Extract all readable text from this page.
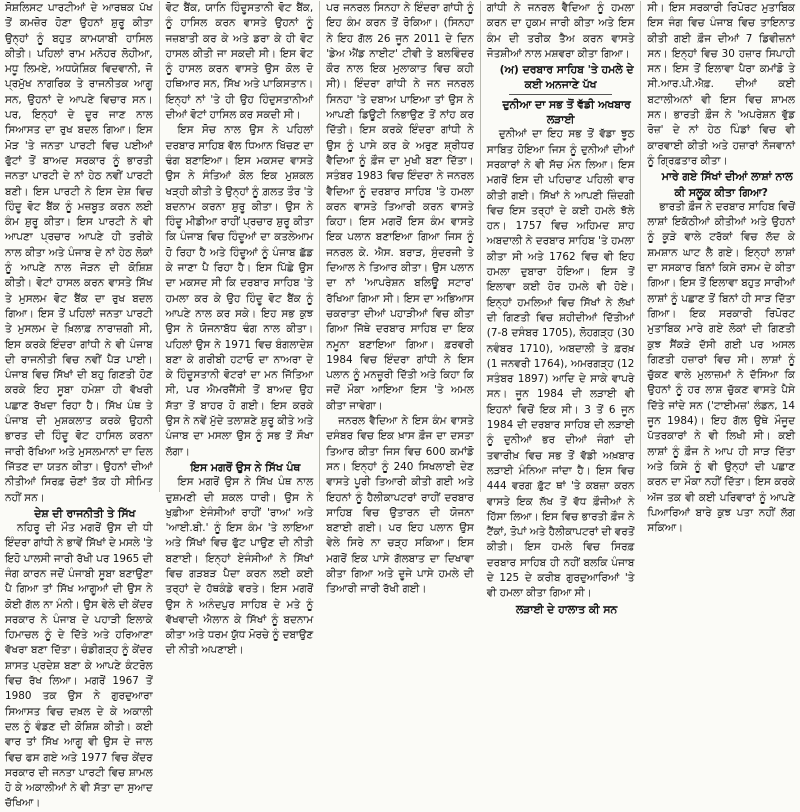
ਸੋਸ਼ਲਿਸਟ ਪਾਰਟੀਆਂ ਦੇ ਆਰਥਕ ਪੱਖ ਤੋਂ ਕਮਜ਼ੋਰ ਹੋਣਾ ਉਹਨਾਂ ਸ਼ੁਰੂ ਕੀਤਾ ਉਨ੍ਹਾਂ ਨੂੰ ਬਹੁਤ ਕਾਮਯਾਬੀ ਹਾਸਿਲ ਕੀਤੀ। ਪਹਿਲਾਂ ਰਾਮ ਮਨੋਹਰ ਲੋਹੀਆ, ਮਧੂ ਲਿਮਏ, ਅਧਯੇਸ਼ਿਕ ਵਿਦਵਾਨੀ, ਜੋ ਪ੍ਰਮੁੱਖ ਨਾਗਰਿਕ ਤੇ ਰਾਜਨੀਤਕ ਆਗੂ ਸਨ, ਉਹਨਾਂ ਦੇ ਆਪਣੇ ਵਿਚਾਰ ਸਨ। ਪਰ, ਇਨ੍ਹਾਂ ਦੇ ਦੂਰ ਜਾਣ ਨਾਲ ਸਿਆਸਤ ਦਾ ਰੁਖ ਬਦਲ ਗਿਆ। ਇਸ ਮੋੜ 'ਤੇ ਜਨਤਾ ਪਾਰਟੀ ਵਿਚ ਪਈਆਂ ਫੁੱਟਾਂ ਤੋਂ ਬਾਅਦ ਸਰਕਾਰ ਨੂੰ ਭਾਰਤੀ ਜਨਤਾ ਪਾਰਟੀ ਦੇ ਨਾਂ ਹੇਠ ਨਵੀਂ ਪਾਰਟੀ ਬਣੀ। ਇਸ ਪਾਰਟੀ ਨੇ ਇਸ ਦੇਸ਼ ਵਿਚ ਹਿੰਦੂ ਵੋਟ ਬੈਂਕ ਨੂੰ ਮਜ਼ਬੂਤ ਕਰਨ ਲਈ ਕੰਮ ਸ਼ੁਰੂ ਕੀਤਾ। ਇਸ ਪਾਰਟੀ ਨੇ ਵੀ ਆਪਣਾ ਪ੍ਰਚਾਰ ਆਪਣੇ ਹੀ ਤਰੀਕੇ ਨਾਲ ਕੀਤਾ ਅਤੇ ਪੰਜਾਬ ਦੇ ਨਾਂ ਹੇਠ ਲੋਕਾਂ ਨੂੰ ਆਪਣੇ ਨਾਲ ਜੋੜਨ ਦੀ ਕੋਸ਼ਿਸ਼ ਕੀਤੀ। ਵੋਟਾਂ ਹਾਸਲ ਕਰਨ ਵਾਸਤੇ ਸਿੱਖ ਤੇ ਮੁਸਲਮ ਵੋਟ ਬੈਂਕ ਦਾ ਰੁਖ ਬਦਲ ਗਿਆ। ਇਸ ਤੋਂ ਪਹਿਲਾਂ ਜਨਤਾ ਪਾਰਟੀ ਤੇ ਮੁਸਲਮ ਦੇ ਖ਼ਿਲਾਫ਼ ਨਾਰਾਜ਼ਗੀ ਸੀ, ਇਸ ਕਰਕੇ ਇੰਦਰਾ ਗਾਂਧੀ ਨੇ ਵੀ ਪੰਜਾਬ ਦੀ ਰਾਜਨੀਤੀ ਵਿਚ ਨਵੀਂ ਪੈੜ ਪਾਈ। ਪੰਜਾਬ ਵਿਚ ਸਿੱਖਾਂ ਦੀ ਬਹੁ ਗਿਣਤੀ ਹੋਣ ਕਰਕੇ ਇਹ ਸੂਬਾ ਹਮੇਸ਼ਾ ਹੀ ਵੱਖਰੀ ਪਛਾਣ ਰੱਖਦਾ ਰਿਹਾ ਹੈ। ਸਿੱਖ ਪੰਥ ਤੇ ਪੰਜਾਬ ਦੀ ਮੁਸ਼ਕਲਾਤ ਕਰਕੇ ਉਹਨੀ ਭਾਰਤ ਦੀ ਹਿੰਦੂ ਵੋਟ ਹਾਸਿਲ ਕਰਨਾ ਜਾਰੀ ਰੱਖਿਆ ਅਤੇ ਮੁਸਲਮਾਨਾਂ ਦਾ ਦਿਲ ਜਿੱਤਣ ਦਾ ਯਤਨ ਕੀਤਾ। ਉਹਨਾਂ ਦੀਆਂ ਨੀਤੀਆਂ ਸਿਰਫ਼ ਚੋਣਾਂ ਤੱਕ ਹੀ ਸੀਮਿਤ ਨਹੀਂ ਸਨ।

ਦੇਸ਼ ਦੀ ਰਾਜਨੀਤੀ ਤੇ ਸਿੱਖ

ਨਹਿਰੂ ਦੀ ਮੌਤ ਮਗਰੋਂ ਉਸ ਦੀ ਧੀ ਇੰਦਰਾ ਗਾਂਧੀ ਨੇ ਭਾਵੇਂ ਸਿੱਖਾਂ ਦੇ ਮਸਲੇ 'ਤੇ ਇਹੋ ਪਾਲਸੀ ਜਾਰੀ ਰੱਖੀ ਪਰ 1965 ਦੀ ਜੰਗ ਕਾਰਨ ਜਦੋਂ ਪੰਜਾਬੀ ਸੂਬਾ ਬਣਾਉਣਾ ਪੈ ਗਿਆ ਤਾਂ ਸਿੱਖ ਆਗੂਆਂ ਦੀ ਉਸ ਨੇ ਕੋਈ ਗੱਲ ਨਾ ਮੰਨੀ। ਉਸ ਵੇਲੇ ਦੀ ਕੇਂਦਰ ਸਰਕਾਰ ਨੇ ਪੰਜਾਬ ਦੇ ਪਹਾੜੀ ਇਲਾਕੇ ਹਿਮਾਚਲ ਨੂੰ ਦੇ ਦਿੱਤੇ ਅਤੇ ਹਰਿਆਣਾ ਵੱਖਰਾ ਬਣਾ ਦਿੱਤਾ। ਚੰਡੀਗੜ੍ਹ ਨੂੰ ਕੇਂਦਰ ਸ਼ਾਸਤ ਪ੍ਰਦੇਸ਼ ਬਣਾ ਕੇ ਆਪਣੇ ਕੰਟਰੋਲ ਵਿਚ ਰੱਖ ਲਿਆ। ਮਗਰੋਂ 1967 ਤੋਂ 1980 ਤਕ ਉਸ ਨੇ ਗੁਰਦੁਆਰਾ ਸਿਆਸਤ ਵਿਚ ਦਖ਼ਲ ਦੇ ਕੇ ਅਕਾਲੀ ਦਲ ਨੂੰ ਵੰਡਣ ਦੀ ਕੋਸ਼ਿਸ਼ ਕੀਤੀ। ਕਈ ਵਾਰ ਤਾਂ ਸਿੱਖ ਆਗੂ ਵੀ ਉਸ ਦੇ ਜਾਲ ਵਿਚ ਫਸ ਗਏ ਅਤੇ 1977 ਵਿਚ ਕੇਂਦਰ ਸਰਕਾਰ ਦੀ ਜਨਤਾ ਪਾਰਟੀ ਵਿਚ ਸ਼ਾਮਲ ਹੋ ਕੇ ਅਕਾਲੀਆਂ ਨੇ ਵੀ ਸੱਤਾ ਦਾ ਸੁਆਦ ਚੱਖਿਆ।

ਵੋਟ ਬੈਂਕ, ਯਾਨਿ ਹਿੰਦੂਸਤਾਨੀ ਵੋਟ ਬੈਂਕ, ਨੂੰ ਹਾਸਿਲ ਕਰਨ ਵਾਸਤੇ ਉਹਨਾਂ ਨੂੰ ਜਜ਼ਬਾਤੀ ਕਰ ਕੇ ਅਤੇ ਡਰਾ ਕੇ ਹੀ ਵੋਟ ਹਾਸਲ ਕੀਤੀ ਜਾ ਸਕਦੀ ਸੀ। ਇਸ ਵੋਟ ਨੂੰ ਹਾਸਲ ਕਰਨ ਵਾਸਤੇ ਉਸ ਕੋਲ ਦੋ ਹਥਿਆਰ ਸਨ, ਸਿੱਖ ਅਤੇ ਪਾਕਿਸਤਾਨ। ਇਨ੍ਹਾਂ ਨਾਂ 'ਤੇ ਹੀ ਉਹ ਹਿੰਦੁਸਤਾਨੀਆਂ ਦੀਆਂ ਵੋਟਾਂ ਹਾਸਿਲ ਕਰ ਸਕਦੀ ਸੀ।

ਇਸ ਸੋਚ ਨਾਲ ਉਸ ਨੇ ਪਹਿਲਾਂ ਦਰਬਾਰ ਸਾਹਿਬ ਵੱਲ ਧਿਆਨ ਖਿੱਚਣ ਦਾ ਢੰਗ ਬਣਾਇਆ। ਇਸ ਮਕਸਦ ਵਾਸਤੇ ਉਸ ਨੇ ਸੰਤਿਆਂ ਕੋਲ ਇਕ ਮੁਸ਼ਕਲ ਖੜ੍ਹੀ ਕੀਤੀ ਤੇ ਉਨ੍ਹਾਂ ਨੂੰ ਗ਼ਲਤ ਤੌਰ 'ਤੇ ਬਦਨਾਮ ਕਰਨਾ ਸ਼ੁਰੂ ਕੀਤਾ। ਉਸ ਨੇ ਹਿੰਦੂ ਮੀਡੀਆ ਰਾਹੀਂ ਪ੍ਰਚਾਰ ਸ਼ੁਰੂ ਕੀਤਾ ਕਿ ਪੰਜਾਬ ਵਿਚ ਹਿੰਦੂਆਂ ਦਾ ਕਤਲੇਆਮ ਹੋ ਰਿਹਾ ਹੈ ਅਤੇ ਹਿੰਦੂਆਂ ਨੂੰ ਪੰਜਾਬ ਛੱਡ ਕੇ ਜਾਣਾ ਪੈ ਰਿਹਾ ਹੈ। ਇਸ ਪਿੱਛੇ ਉਸ ਦਾ ਮਕਸਦ ਸੀ ਕਿ ਦਰਬਾਰ ਸਾਹਿਬ 'ਤੇ ਹਮਲਾ ਕਰ ਕੇ ਉਹ ਹਿੰਦੂ ਵੋਟ ਬੈਂਕ ਨੂੰ ਆਪਣੇ ਨਾਲ ਕਰ ਸਕੇ। ਇਹ ਸਭ ਕੁਝ ਉਸ ਨੇ ਯੋਜਨਾਬੱਧ ਢੰਗ ਨਾਲ ਕੀਤਾ। ਪਹਿਲਾਂ ਉਸ ਨੇ 1971 ਵਿਚ ਬੰਗਲਾਦੇਸ਼ ਬਣਾ ਕੇ ਗਰੀਬੀ ਹਟਾਓ ਦਾ ਨਾਅਰਾ ਦੇ ਕੇ ਹਿੰਦੂਸਤਾਨੀ ਵੋਟਰਾਂ ਦਾ ਮਨ ਜਿੱਤਿਆ ਸੀ, ਪਰ ਐਮਰਜੈਂਸੀ ਤੋਂ ਬਾਅਦ ਉਹ ਸੱਤਾ ਤੋਂ ਬਾਹਰ ਹੋ ਗਈ। ਇਸ ਕਰਕੇ ਉਸ ਨੇ ਨਵੇਂ ਮੁੱਦੇ ਤਲਾਸ਼ਣੇ ਸ਼ੁਰੂ ਕੀਤੇ ਅਤੇ ਪੰਜਾਬ ਦਾ ਮਸਲਾ ਉਸ ਨੂੰ ਸਭ ਤੋਂ ਸੌਖਾ ਲੱਗਾ।

ਇਸ ਮਗਰੋਂ ਉਸ ਨੇ ਸਿੱਖ ਪੰਥ

ਇਸ ਮਗਰੋਂ ਉਸ ਨੇ ਸਿੱਖ ਪੰਥ ਨਾਲ ਦੁਸ਼ਮਣੀ ਦੀ ਸ਼ਕਲ ਧਾਰੀ। ਉਸ ਨੇ ਖੁਫ਼ੀਆ ਏਜੰਸੀਆਂ ਰਾਹੀਂ 'ਰਾਅ' ਅਤੇ 'ਆਈ.ਬੀ.' ਨੂੰ ਇਸ ਕੰਮ 'ਤੇ ਲਾਇਆ ਅਤੇ ਸਿੱਖਾਂ ਵਿਚ ਫੁੱਟ ਪਾਉਣ ਦੀ ਨੀਤੀ ਬਣਾਈ। ਇਨ੍ਹਾਂ ਏਜੰਸੀਆਂ ਨੇ ਸਿੱਖਾਂ ਵਿਚ ਗੜਬੜ ਪੈਦਾ ਕਰਨ ਲਈ ਕਈ ਤਰ੍ਹਾਂ ਦੇ ਹੱਥਕੰਡੇ ਵਰਤੇ। ਇਸ ਮਗਰੋਂ ਉਸ ਨੇ ਅਨੰਦਪੁਰ ਸਾਹਿਬ ਦੇ ਮਤੇ ਨੂੰ ਵੱਖਵਾਦੀ ਐਲਾਨ ਕੇ ਸਿੱਖਾਂ ਨੂੰ ਬਦਨਾਮ ਕੀਤਾ ਅਤੇ ਧਰਮ ਯੁੱਧ ਮੋਰਚੇ ਨੂੰ ਦਬਾਉਣ ਦੀ ਨੀਤੀ ਅਪਣਾਈ।

ਪਰ ਜਨਰਲ ਸਿਨਹਾ ਨੇ ਇੰਦਰਾ ਗਾਂਧੀ ਨੂੰ ਇਹ ਕੰਮ ਕਰਨ ਤੋਂ ਰੋਕਿਆ। (ਸਿਨਹਾ ਨੇ ਇਹ ਗੱਲ 26 ਜੂਨ 2011 ਦੇ ਦਿਨ 'ਡੇਅ ਐਂਡ ਨਾਈਟ' ਟੀਵੀ ਤੇ ਬਲਵਿੰਦਰ ਕੌਰ ਨਾਲ ਇਕ ਮੁਲਾਕਾਤ ਵਿਚ ਕਹੀ ਸੀ)। ਇੰਦਰਾ ਗਾਂਧੀ ਨੇ ਜਨ ਜਨਰਲ ਸਿਨਹਾ 'ਤੇ ਦਬਾਅ ਪਾਇਆ ਤਾਂ ਉਸ ਨੇ ਆਪਣੀ ਡਿਊਟੀ ਨਿਭਾਉਣ ਤੋਂ ਨਾਂਹ ਕਰ ਦਿੱਤੀ। ਇਸ ਕਰਕੇ ਇੰਦਰਾ ਗਾਂਧੀ ਨੇ ਉਸ ਨੂੰ ਪਾਸੇ ਕਰ ਕੇ ਅਰੁਣ ਸ਼੍ਰੀਧਰ ਵੈਦਿਆ ਨੂੰ ਫ਼ੌਜ ਦਾ ਮੁਖੀ ਬਣਾ ਦਿੱਤਾ। ਸਤੰਬਰ 1983 ਵਿਚ ਇੰਦਰਾ ਨੇ ਜਨਰਲ ਵੈਦਿਆ ਨੂੰ ਦਰਬਾਰ ਸਾਹਿਬ 'ਤੇ ਹਮਲਾ ਕਰਨ ਵਾਸਤੇ ਤਿਆਰੀ ਕਰਨ ਵਾਸਤੇ ਕਿਹਾ। ਇਸ ਮਗਰੋਂ ਇਸ ਕੰਮ ਵਾਸਤੇ ਇਕ ਪਲਾਨ ਬਣਾਇਆ ਗਿਆ ਜਿਸ ਨੂੰ ਜਨਰਲ ਕੇ. ਐਸ. ਬਰਾੜ, ਸੁੰਦਰਜੀ ਤੇ ਦਿਆਲ ਨੇ ਤਿਆਰ ਕੀਤਾ। ਉਸ ਪਲਾਨ ਦਾ ਨਾਂ 'ਆਪਰੇਸ਼ਨ ਬਲਿਊ ਸਟਾਰ' ਰੱਖਿਆ ਗਿਆ ਸੀ। ਇਸ ਦਾ ਅਭਿਆਸ ਚਕਰਾਤਾ ਦੀਆਂ ਪਹਾੜੀਆਂ ਵਿਚ ਕੀਤਾ ਗਿਆ ਜਿੱਥੇ ਦਰਬਾਰ ਸਾਹਿਬ ਦਾ ਇਕ ਨਮੂਨਾ ਬਣਾਇਆ ਗਿਆ। ਫ਼ਰਵਰੀ 1984 ਵਿਚ ਇੰਦਰਾ ਗਾਂਧੀ ਨੇ ਇਸ ਪਲਾਨ ਨੂੰ ਮਨਜ਼ੂਰੀ ਦਿੱਤੀ ਅਤੇ ਕਿਹਾ ਕਿ ਜਦੋਂ ਮੌਕਾ ਆਇਆ ਇਸ 'ਤੇ ਅਮਲ ਕੀਤਾ ਜਾਵੇਗਾ।

ਜਨਰਲ ਵੈਦਿਆ ਨੇ ਇਸ ਕੰਮ ਵਾਸਤੇ ਦਸੰਬਰ ਵਿਚ ਇਕ ਖ਼ਾਸ ਫ਼ੌਜ ਦਾ ਦਸਤਾ ਤਿਆਰ ਕੀਤਾ ਜਿਸ ਵਿਚ 600 ਕਮਾਂਡੋ ਸਨ। ਇਨ੍ਹਾਂ ਨੂੰ 240 ਸਿਖਲਾਈ ਦੇਣ ਵਾਸਤੇ ਪੂਰੀ ਤਿਆਰੀ ਕੀਤੀ ਗਈ ਅਤੇ ਇਹਨਾਂ ਨੂੰ ਹੈਲੀਕਾਪਟਰਾਂ ਰਾਹੀਂ ਦਰਬਾਰ ਸਾਹਿਬ ਵਿਚ ਉਤਾਰਨ ਦੀ ਯੋਜਨਾ ਬਣਾਈ ਗਈ। ਪਰ ਇਹ ਪਲਾਨ ਉਸ ਵੇਲੇ ਸਿਰੇ ਨਾ ਚੜ੍ਹ ਸਕਿਆ। ਇਸ ਮਗਰੋਂ ਇਕ ਪਾਸੇ ਗੱਲਬਾਤ ਦਾ ਦਿਖਾਵਾ ਕੀਤਾ ਗਿਆ ਅਤੇ ਦੂਜੇ ਪਾਸੇ ਹਮਲੇ ਦੀ ਤਿਆਰੀ ਜਾਰੀ ਰੱਖੀ ਗਈ।

ਗਾਂਧੀ ਨੇ ਜਨਰਲ ਵੈਦਿਆ ਨੂੰ ਹਮਲਾ ਕਰਨ ਦਾ ਹੁਕਮ ਜਾਰੀ ਕੀਤਾ ਅਤੇ ਇਸ ਕੰਮ ਦੀ ਤਰੀਕ ਤੈਅ ਕਰਨ ਵਾਸਤੇ ਜੋਤਸ਼ੀਆਂ ਨਾਲ ਮਸ਼ਵਰਾ ਕੀਤਾ ਗਿਆ।

(ਅ) ਦਰਬਾਰ ਸਾਹਿਬ 'ਤੇ ਹਮਲੇ ਦੇ ਕਈ ਅਨਜਾਣੇ ਪੱਖ

ਦੁਨੀਆ ਦਾ ਸਭ ਤੋਂ ਵੱਡੀ ਅਖਬਾਰ ਲੜਾਈ

ਦੁਨੀਆਂ ਦਾ ਇਹ ਸਭ ਤੋਂ ਵੱਡਾ ਝੂਠ ਸਾਬਿਤ ਹੋਇਆ ਜਿਸ ਨੂੰ ਦੁਨੀਆਂ ਦੀਆਂ ਸਰਕਾਰਾਂ ਨੇ ਵੀ ਸੱਚ ਮੰਨ ਲਿਆ। ਇਸ ਮਗਰੋਂ ਇਸ ਦੀ ਪਹਿਚਾਣ ਪਹਿਲੀ ਵਾਰ ਕੀਤੀ ਗਈ। ਸਿੱਖਾਂ ਨੇ ਆਪਣੀ ਜ਼ਿੰਦਗੀ ਵਿਚ ਇਸ ਤਰ੍ਹਾਂ ਦੇ ਕਈ ਹਮਲੇ ਝੱਲੇ ਹਨ। 1757 ਵਿਚ ਅਹਿਮਦ ਸ਼ਾਹ ਅਬਦਾਲੀ ਨੇ ਦਰਬਾਰ ਸਾਹਿਬ 'ਤੇ ਹਮਲਾ ਕੀਤਾ ਸੀ ਅਤੇ 1762 ਵਿਚ ਵੀ ਇਹ ਹਮਲਾ ਦੁਬਾਰਾ ਹੋਇਆ। ਇਸ ਤੋਂ ਇਲਾਵਾ ਕਈ ਹੋਰ ਹਮਲੇ ਵੀ ਹੋਏ। ਇਨ੍ਹਾਂ ਹਮਲਿਆਂ ਵਿਚ ਸਿੱਖਾਂ ਨੇ ਲੱਖਾਂ ਦੀ ਗਿਣਤੀ ਵਿਚ ਸ਼ਹੀਦੀਆਂ ਦਿੱਤੀਆਂ (7-8 ਦਸੰਬਰ 1705), ਲੋਹਗੜ੍ਹ (30 ਨਵੰਬਰ 1710), ਅਬਦਾਲੀ ਤੇ ਫ਼ਰਖ਼ (1 ਜਨਵਰੀ 1764), ਅਮਰਗੜ੍ਹ (12 ਸਤੰਬਰ 1897) ਆਦਿ ਦੇ ਸਾਕੇ ਵਾਪਰੇ ਸਨ। ਜੂਨ 1984 ਦੀ ਲੜਾਈ ਵੀ ਇਹਨਾਂ ਵਿਚੋਂ ਇਕ ਸੀ। 3 ਤੋਂ 6 ਜੂਨ 1984 ਦੀ ਦਰਬਾਰ ਸਾਹਿਬ ਦੀ ਲੜਾਈ ਨੂੰ ਦੁਨੀਆਂ ਭਰ ਦੀਆਂ ਜੰਗਾਂ ਦੀ ਤਵਾਰੀਖ਼ ਵਿਚ ਸਭ ਤੋਂ ਵੱਡੀ ਅਖ਼ਬਾਰ ਲੜਾਈ ਮੰਨਿਆ ਜਾਂਦਾ ਹੈ। ਇਸ ਵਿਚ 444 ਵਰਗ ਫ਼ੁੱਟ ਥਾਂ 'ਤੇ ਕਬਜ਼ਾ ਕਰਨ ਵਾਸਤੇ ਇਕ ਲੱਖ ਤੋਂ ਵੱਧ ਫ਼ੌਜੀਆਂ ਨੇ ਹਿੱਸਾ ਲਿਆ। ਇਸ ਵਿਚ ਭਾਰਤੀ ਫ਼ੌਜ ਨੇ ਟੈਂਕਾਂ, ਤੋਪਾਂ ਅਤੇ ਹੈਲੀਕਾਪਟਰਾਂ ਦੀ ਵਰਤੋਂ ਕੀਤੀ। ਇਸ ਹਮਲੇ ਵਿਚ ਸਿਰਫ਼ ਦਰਬਾਰ ਸਾਹਿਬ ਹੀ ਨਹੀਂ ਬਲਕਿ ਪੰਜਾਬ ਦੇ 125 ਦੇ ਕਰੀਬ ਗੁਰਦੁਆਰਿਆਂ 'ਤੇ ਵੀ ਹਮਲਾ ਕੀਤਾ ਗਿਆ ਸੀ।

ਲੜਾਈ ਦੇ ਹਾਲਾਤ ਕੀ ਸਨ

ਸੀ। ਇਸ ਸਰਕਾਰੀ ਰਿਪੋਰਟ ਮੁਤਾਬਿਕ ਇਸ ਜੰਗ ਵਿਚ ਪੰਜਾਬ ਵਿਚ ਤਾਇਨਾਤ ਕੀਤੀ ਗਈ ਫ਼ੌਜ ਦੀਆਂ 7 ਡਿਵੀਜ਼ਨਾਂ ਸਨ। ਇਨ੍ਹਾਂ ਵਿਚ 30 ਹਜ਼ਾਰ ਸਿਪਾਹੀ ਸਨ। ਇਸ ਤੋਂ ਇਲਾਵਾ ਪੈਰਾ ਕਮਾਂਡੋ ਤੇ ਸੀ.ਆਰ.ਪੀ.ਐਫ਼. ਦੀਆਂ ਕਈ ਬਟਾਲੀਅਨਾਂ ਵੀ ਇਸ ਵਿਚ ਸ਼ਾਮਲ ਸਨ। ਭਾਰਤੀ ਫ਼ੌਜ ਨੇ 'ਅਪਰੇਸ਼ਨ ਵੁੱਡ ਰੋਜ਼' ਦੇ ਨਾਂ ਹੇਠ ਪਿੰਡਾਂ ਵਿਚ ਵੀ ਕਾਰਵਾਈ ਕੀਤੀ ਅਤੇ ਹਜ਼ਾਰਾਂ ਨੌਜਵਾਨਾਂ ਨੂੰ ਗ੍ਰਿਫ਼ਤਾਰ ਕੀਤਾ।

ਮਾਰੇ ਗਏ ਸਿੱਖਾਂ ਦੀਆਂ ਲਾਸ਼ਾਂ ਨਾਲ ਕੀ ਸਲੂਕ ਕੀਤਾ ਗਿਆ?

ਭਾਰਤੀ ਫ਼ੌਜ ਨੇ ਦਰਬਾਰ ਸਾਹਿਬ ਵਿਚੋਂ ਲਾਸ਼ਾਂ ਇਕੱਠੀਆਂ ਕੀਤੀਆਂ ਅਤੇ ਉਹਨਾਂ ਨੂੰ ਕੂੜੇ ਵਾਲੇ ਟਰੱਕਾਂ ਵਿਚ ਲੱਦ ਕੇ ਸ਼ਮਸ਼ਾਨ ਘਾਟ ਲੈ ਗਏ। ਇਨ੍ਹਾਂ ਲਾਸ਼ਾਂ ਦਾ ਸਸਕਾਰ ਬਿਨਾਂ ਕਿਸੇ ਰਸਮ ਦੇ ਕੀਤਾ ਗਿਆ। ਇਸ ਤੋਂ ਇਲਾਵਾ ਬਹੁਤ ਸਾਰੀਆਂ ਲਾਸ਼ਾਂ ਨੂੰ ਪਛਾਣ ਤੋਂ ਬਿਨਾਂ ਹੀ ਸਾੜ ਦਿੱਤਾ ਗਿਆ। ਇਕ ਸਰਕਾਰੀ ਰਿਪੋਰਟ ਮੁਤਾਬਿਕ ਮਾਰੇ ਗਏ ਲੋਕਾਂ ਦੀ ਗਿਣਤੀ ਕੁਝ ਸੈਂਕੜੇ ਦੱਸੀ ਗਈ ਪਰ ਅਸਲ ਗਿਣਤੀ ਹਜ਼ਾਰਾਂ ਵਿਚ ਸੀ। ਲਾਸ਼ਾਂ ਨੂੰ ਚੁੱਕਣ ਵਾਲੇ ਮੁਲਾਜ਼ਮਾਂ ਨੇ ਦੱਸਿਆ ਕਿ ਉਹਨਾਂ ਨੂੰ ਹਰ ਲਾਸ਼ ਚੁੱਕਣ ਵਾਸਤੇ ਪੈਸੇ ਦਿੱਤੇ ਜਾਂਦੇ ਸਨ ('ਟਾਈਮਜ਼' ਲੰਡਨ, 14 ਜੂਨ 1984)। ਇਹ ਗੱਲ ਉਥੇ ਮੌਜੂਦ ਪੱਤਰਕਾਰਾਂ ਨੇ ਵੀ ਲਿਖੀ ਸੀ। ਕਈ ਲਾਸ਼ਾਂ ਨੂੰ ਫ਼ੌਜ ਨੇ ਆਪ ਹੀ ਸਾੜ ਦਿੱਤਾ ਅਤੇ ਕਿਸੇ ਨੂੰ ਵੀ ਉਨ੍ਹਾਂ ਦੀ ਪਛਾਣ ਕਰਨ ਦਾ ਮੌਕਾ ਨਹੀਂ ਦਿੱਤਾ। ਇਸ ਕਰਕੇ ਅੱਜ ਤਕ ਵੀ ਕਈ ਪਰਿਵਾਰਾਂ ਨੂੰ ਆਪਣੇ ਪਿਆਰਿਆਂ ਬਾਰੇ ਕੁਝ ਪਤਾ ਨਹੀਂ ਲੱਗ ਸਕਿਆ।
